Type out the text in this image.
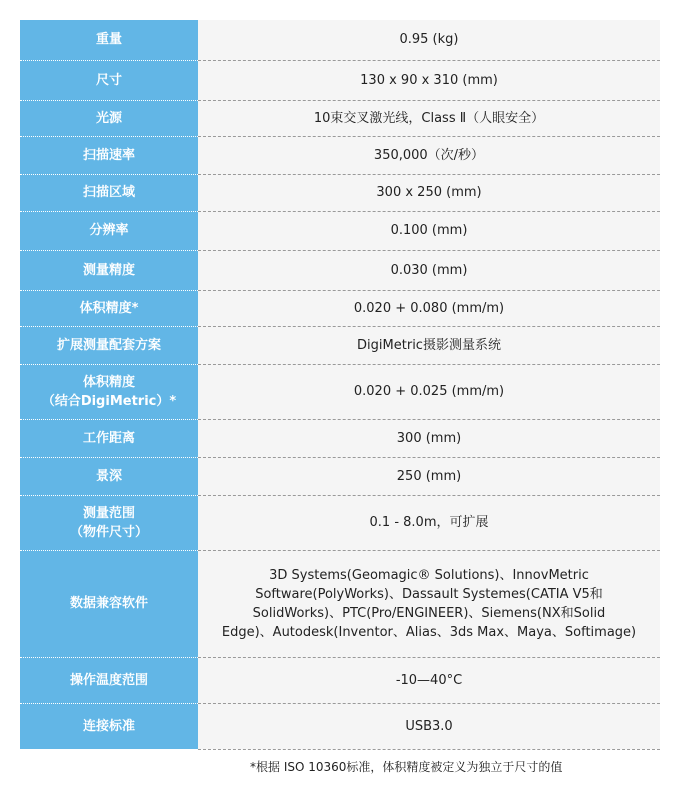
重量	0.95 (kg)

尺寸	130 x 90 x 310 (mm)

光源	10束交叉激光线，Class Ⅱ（人眼安全）

扫描速率	350,000（次/秒）

扫描区域	300 x 250 (mm)

分辨率	0.100 (mm)

测量精度	0.030 (mm)

体积精度*	0.020 + 0.080 (mm/m)

扩展测量配套方案	DigiMetric摄影测量系统

体积精度
（结合DigiMetric）*	0.020 + 0.025 (mm/m)

工作距离	300 (mm)

景深	250 (mm)

测量范围
（物件尺寸）	0.1 - 8.0m，可扩展

数据兼容软件	3D Systems(Geomagic® Solutions)、InnovMetric
Software(PolyWorks)、Dassault Systemes(CATIA V5和
SolidWorks)、PTC(Pro/ENGINEER)、Siemens(NX和Solid
Edge)、Autodesk(Inventor、Alias、3ds Max、Maya、Softimage)

操作温度范围	-10—40°C

连接标准	USB3.0
*根据 ISO 10360标准，体积精度被定义为独立于尺寸的值
